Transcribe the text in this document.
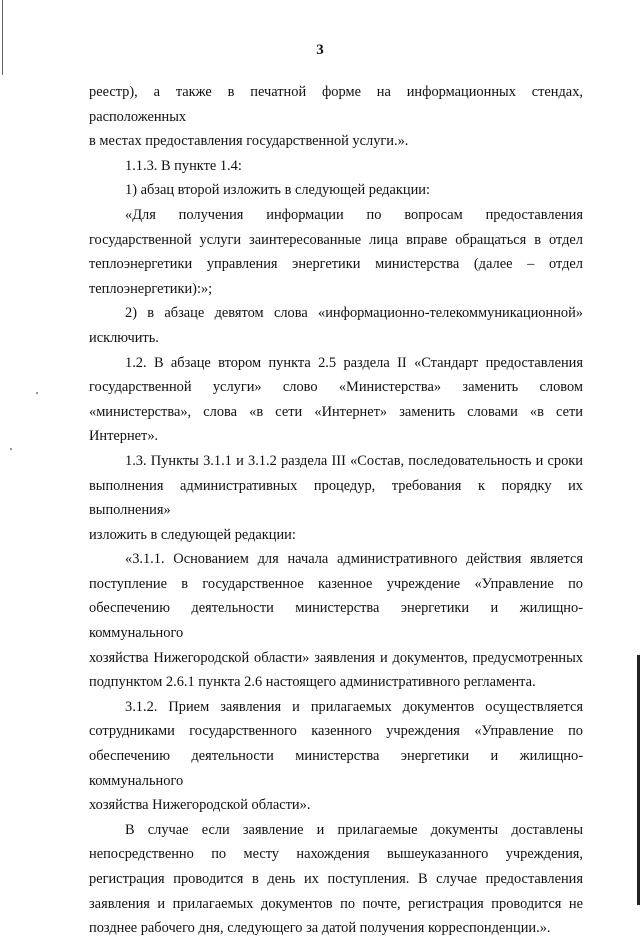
3

реестр), а также в печатной форме на информационных стендах, расположенных

в местах предоставления государственной услуги.».

1.1.3. В пункте 1.4:

1) абзац второй изложить в следующей редакции:

«Для получения информации по вопросам предоставления

государственной услуги заинтересованные лица вправе обращаться в отдел

теплоэнергетики управления энергетики министерства (далее – отдел

теплоэнергетики):»;

2) в абзаце девятом слова «информационно-телекоммуникационной»

исключить.

1.2. В абзаце втором пункта 2.5 раздела II «Стандарт предоставления

государственной услуги» слово «Министерства» заменить словом

«министерства», слова «в сети «Интернет» заменить словами «в сети Интернет».

1.3. Пункты 3.1.1 и 3.1.2 раздела III «Состав, последовательность и сроки

выполнения административных процедур, требования к порядку их выполнения»

изложить в следующей редакции:

«3.1.1. Основанием для начала административного действия является

поступление в государственное казенное учреждение «Управление по

обеспечению деятельности министерства энергетики и жилищно-коммунального

хозяйства Нижегородской области» заявления и документов, предусмотренных

подпунктом 2.6.1 пункта 2.6 настоящего административного регламента.

3.1.2. Прием заявления и прилагаемых документов осуществляется

сотрудниками государственного казенного учреждения «Управление по

обеспечению деятельности министерства энергетики и жилищно-коммунального

хозяйства Нижегородской области».

В случае если заявление и прилагаемые документы доставлены

непосредственно по месту нахождения вышеуказанного учреждения,

регистрация проводится в день их поступления. В случае предоставления

заявления и прилагаемых документов по почте, регистрация проводится не

позднее рабочего дня, следующего за датой получения корреспонденции.».
